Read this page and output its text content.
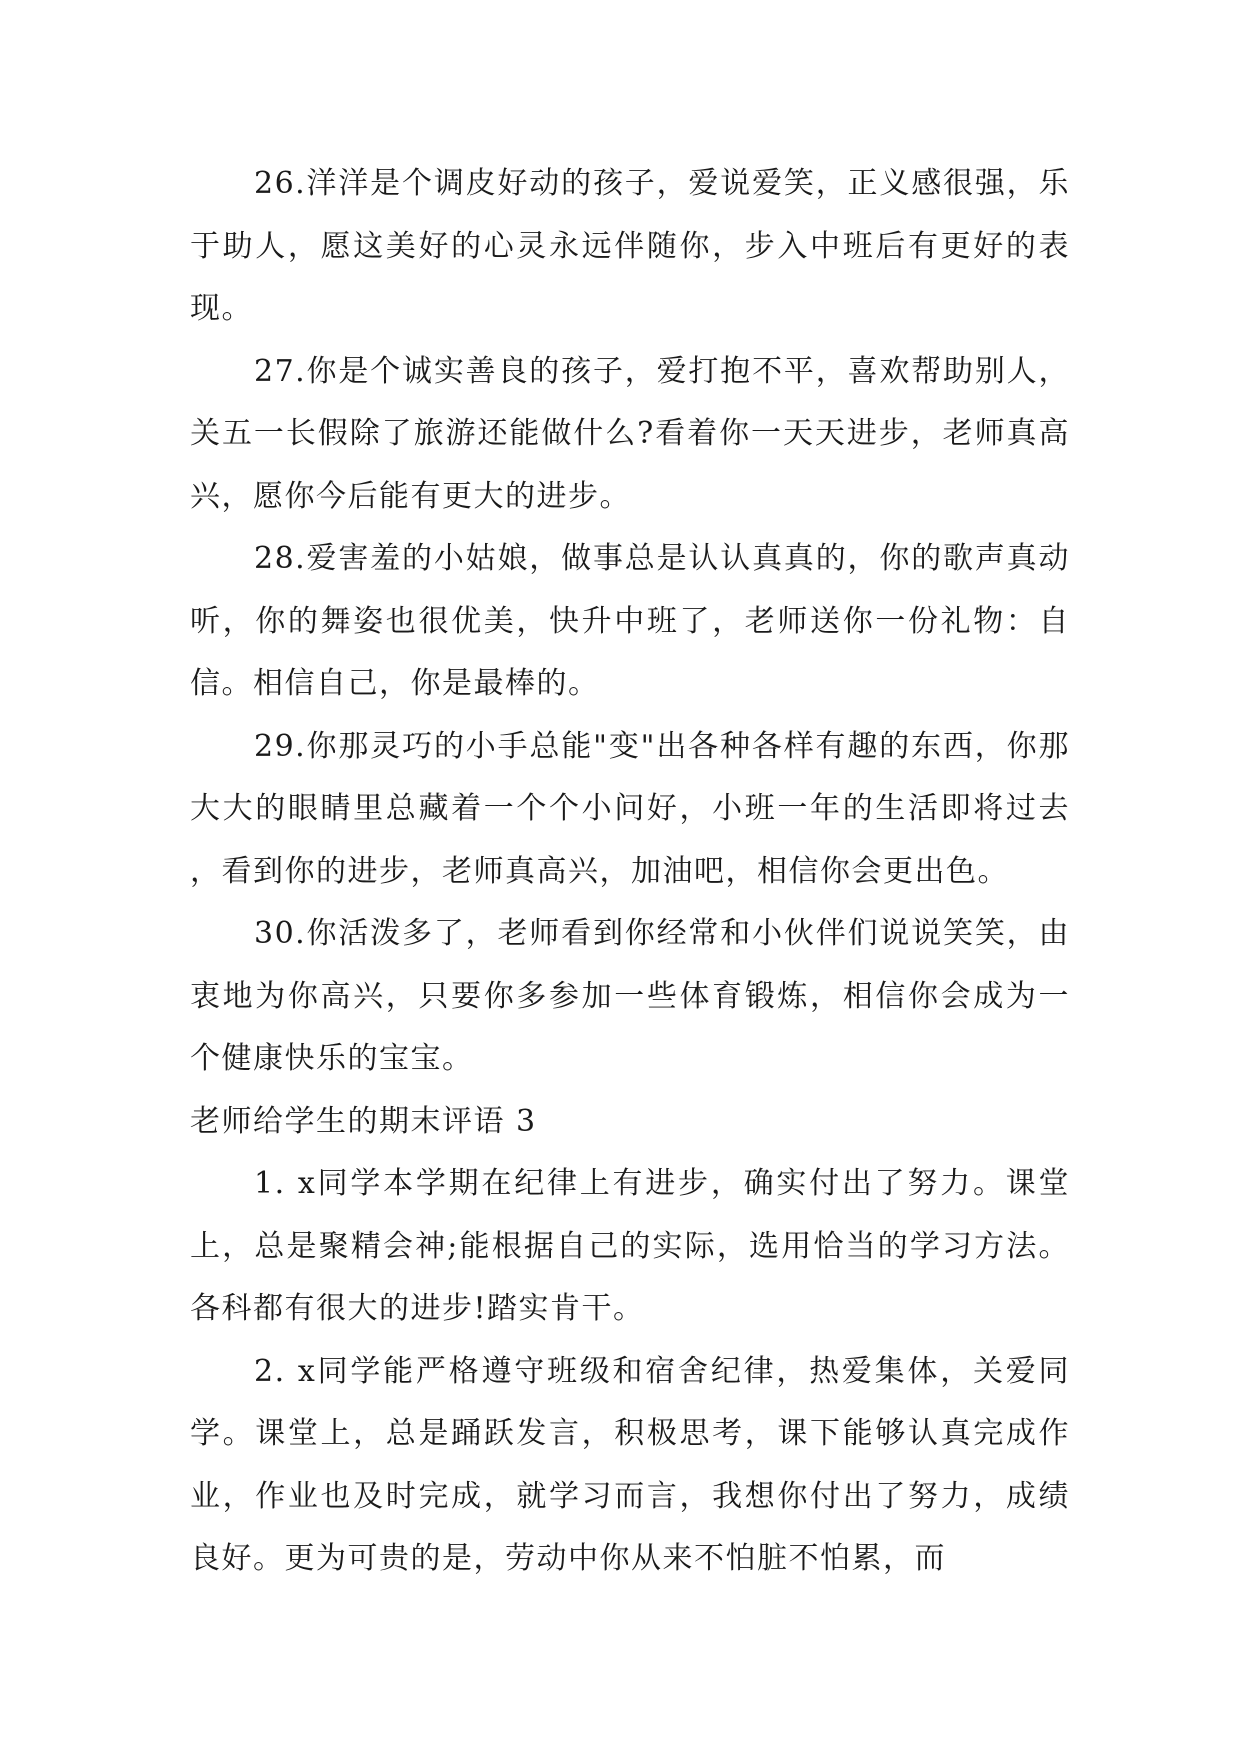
26.洋洋是个调皮好动的孩子，爱说爱笑，正义感很强，乐于助人，愿这美好的心灵永远伴随你，步入中班后有更好的表现。

27.你是个诚实善良的孩子，爱打抱不平，喜欢帮助别人，关五一长假除了旅游还能做什么?看着你一天天进步，老师真高兴，愿你今后能有更大的进步。

28.爱害羞的小姑娘，做事总是认认真真的，你的歌声真动听，你的舞姿也很优美，快升中班了，老师送你一份礼物：自信。相信自己，你是最棒的。

29.你那灵巧的小手总能"变"出各种各样有趣的东西，你那大大的眼睛里总藏着一个个小问好，小班一年的生活即将过去，看到你的进步，老师真高兴，加油吧，相信你会更出色。

30.你活泼多了，老师看到你经常和小伙伴们说说笑笑，由衷地为你高兴，只要你多参加一些体育锻炼，相信你会成为一个健康快乐的宝宝。

老师给学生的期末评语 3

1. x同学本学期在纪律上有进步，确实付出了努力。课堂上，总是聚精会神;能根据自己的实际，选用恰当的学习方法。各科都有很大的进步!踏实肯干。

2. x同学能严格遵守班级和宿舍纪律，热爱集体，关爱同学。课堂上，总是踊跃发言，积极思考，课下能够认真完成作业，作业也及时完成，就学习而言，我想你付出了努力，成绩良好。更为可贵的是，劳动中你从来不怕脏不怕累，而
